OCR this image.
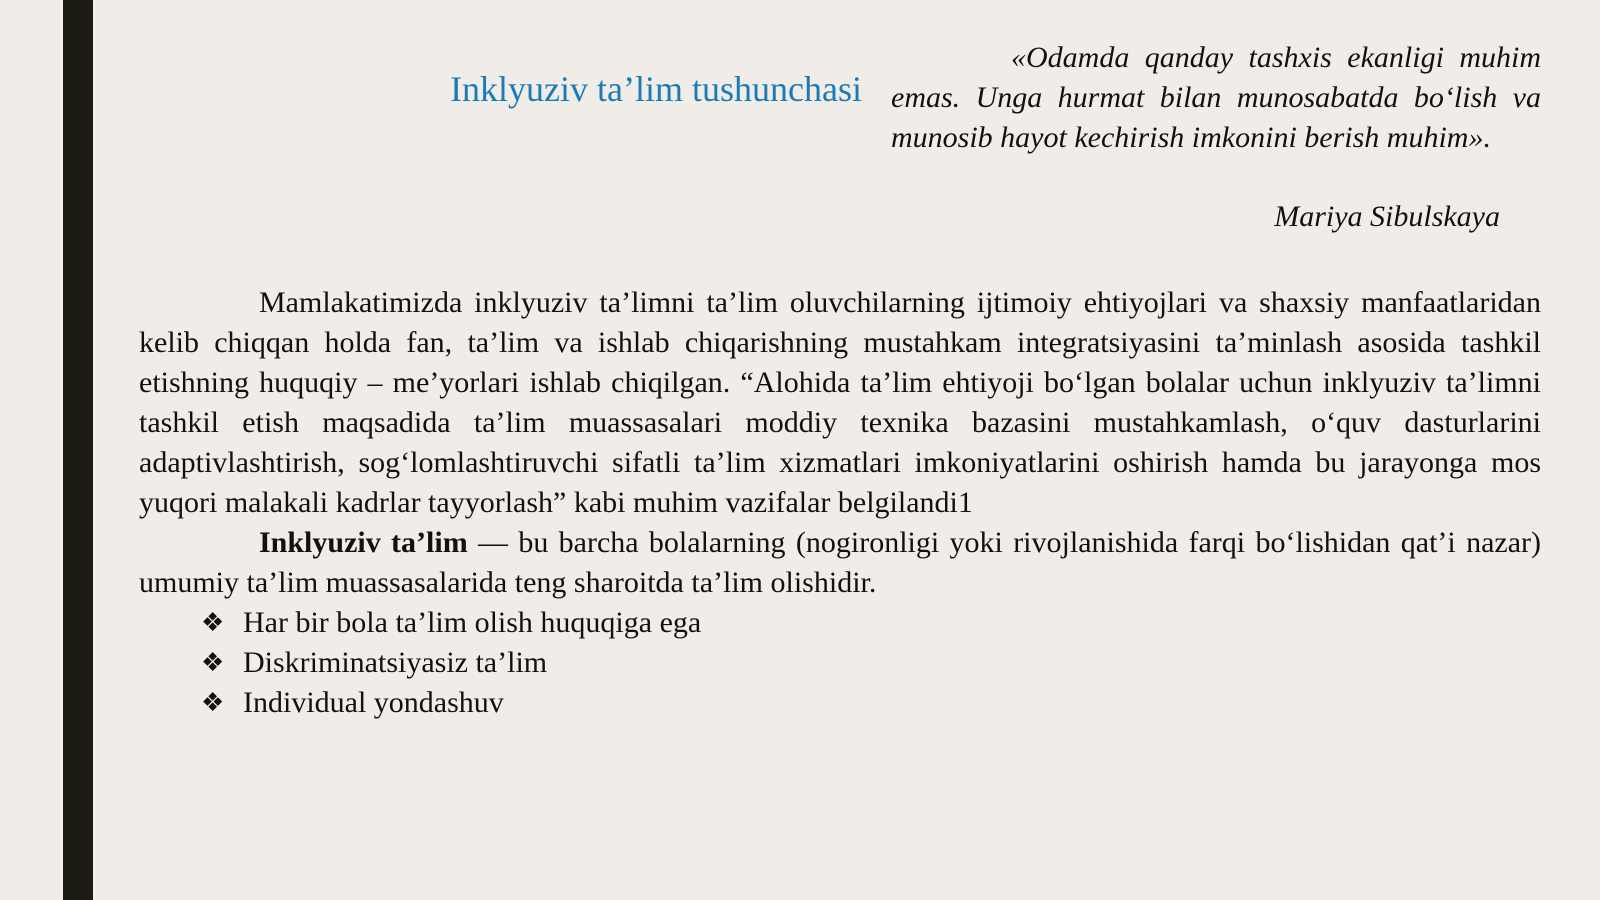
Inklyuziv ta’lim tushunchasi

«Odamda qanday tashxis ekanligi muhim emas. Unga hurmat bilan munosabatda bo‘lish va munosib hayot kechirish imkonini berish muhim».

Mariya Sibulskaya

Mamlakatimizda inklyuziv ta’limni ta’lim oluvchilarning ijtimoiy ehtiyojlari va shaxsiy manfaatlaridan kelib chiqqan holda fan, ta’lim va ishlab chiqarishning mustahkam integratsiyasini ta’minlash asosida tashkil etishning huquqiy – me’yorlari ishlab chiqilgan. “Alohida ta’lim ehtiyoji bo‘lgan bolalar uchun inklyuziv ta’limni tashkil etish maqsadida ta’lim muassasalari moddiy texnika bazasini mustahkamlash, o‘quv dasturlarini adaptivlashtirish, sog‘lomlashtiruvchi sifatli ta’lim xizmatlari imkoniyatlarini oshirish hamda bu jarayonga mos yuqori malakali kadrlar tayyorlash” kabi muhim vazifalar belgilandi1

Inklyuziv ta’lim — bu barcha bolalarning (nogironligi yoki rivojlanishida farqi bo‘lishidan qat’i nazar) umumiy ta’lim muassasalarida teng sharoitda ta’lim olishidir.

❖ Har bir bola ta’lim olish huquqiga ega
❖ Diskriminatsiyasiz ta’lim
❖ Individual yondashuv
